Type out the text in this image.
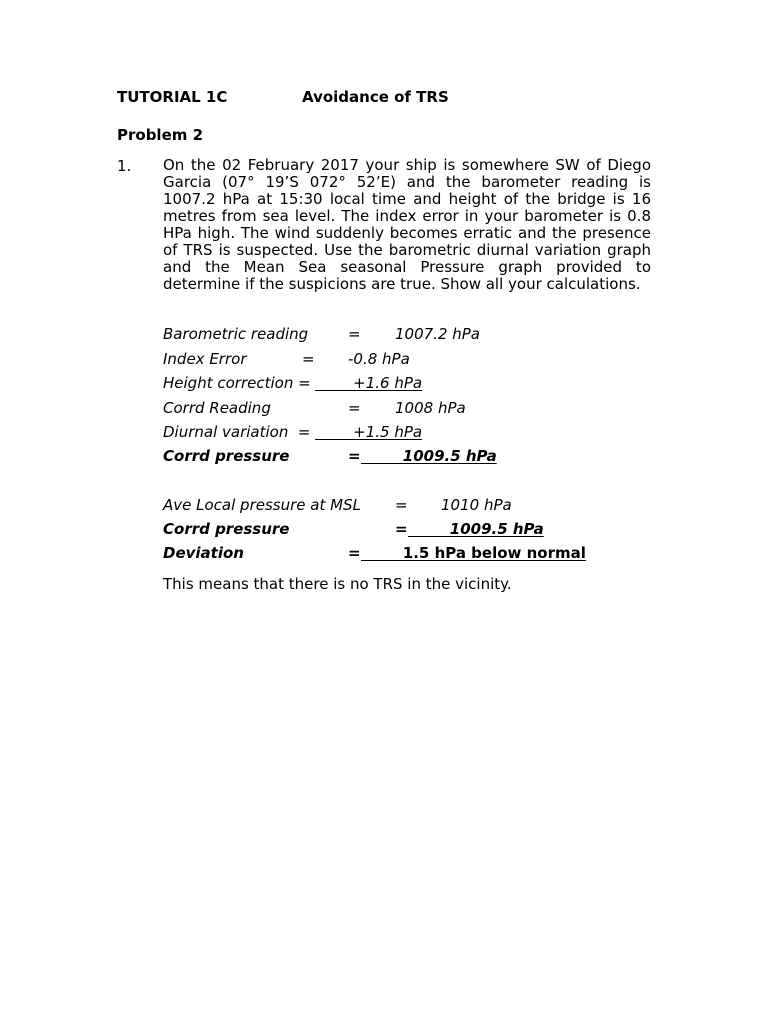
TUTORIAL 1C	Avoidance of TRS
Problem 2
1. On the 02 February 2017 your ship is somewhere SW of Diego Garcia (07° 19’S 072° 52’E) and the barometer reading is 1007.2 hPa at 15:30 local time and height of the bridge is 16 metres from sea level. The index error in your barometer is 0.8 HPa high. The wind suddenly becomes erratic and the presence of TRS is suspected. Use the barometric diurnal variation graph and the Mean Sea seasonal Pressure graph provided to determine if the suspicions are true. Show all your calculations.
Barometric reading	= 1007.2 hPa
Index Error	= -0.8 hPa
Height correction = +1.6 hPa
Corrd Reading	= 1008 hPa
Diurnal variation  = +1.5 hPa
Corrd pressure	= 1009.5 hPa
Ave Local pressure at MSL = 1010 hPa
Corrd pressure	= 1009.5 hPa
Deviation	= 1.5 hPa below normal
This means that there is no TRS in the vicinity.
